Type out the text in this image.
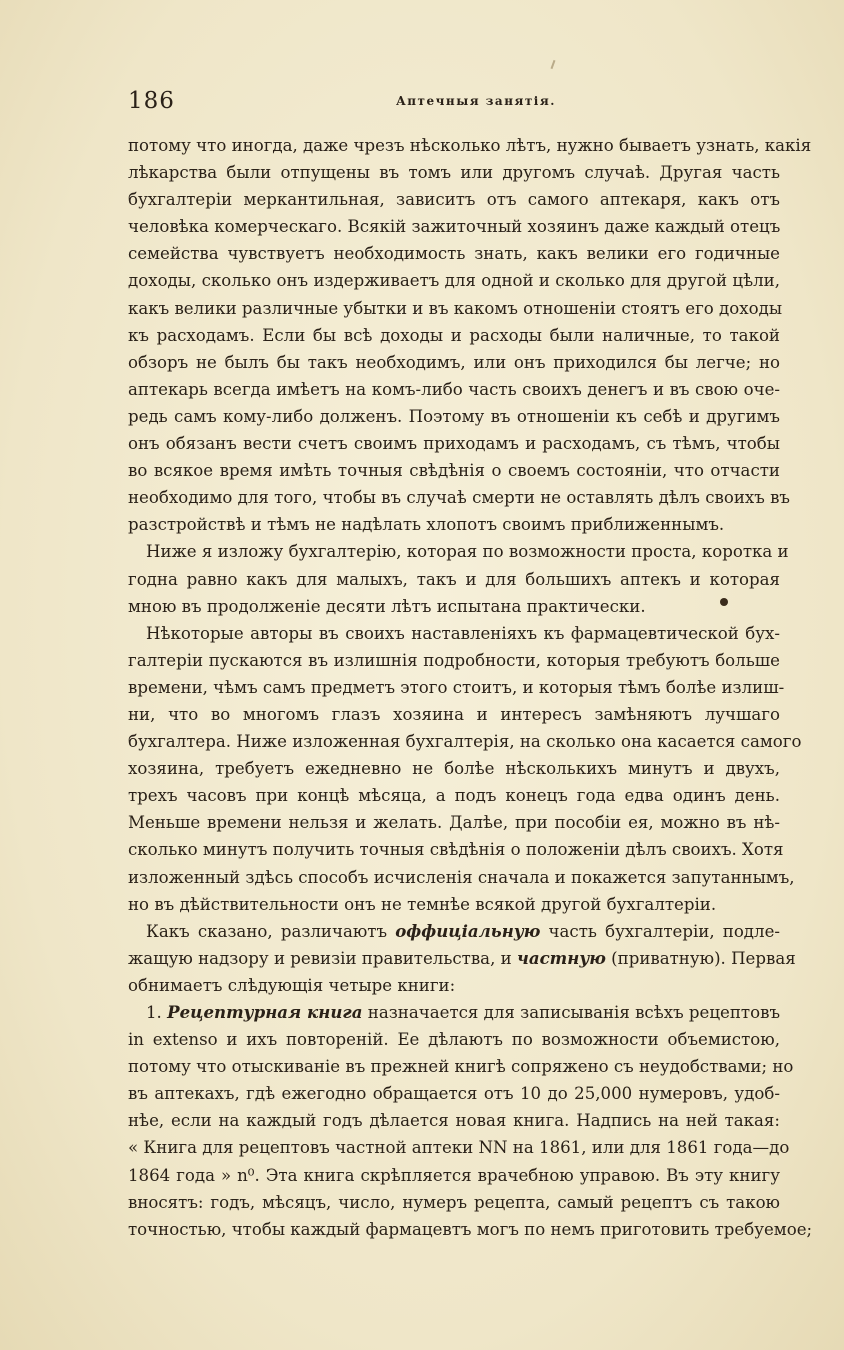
186	Аптечныя занятія.
потому что иногда, даже чрезъ нѣсколько лѣтъ, нужно бываетъ узнать, какія
лѣкарства были отпущены въ томъ или другомъ случаѣ. Другая часть
бухгалтеріи меркантильная, зависитъ отъ самого аптекаря, какъ отъ
человѣка комерческаго. Всякій зажиточный хозяинъ даже каждый отецъ
семейства чувствуетъ необходимость знать, какъ велики его годичные
доходы, сколько онъ издерживаетъ для одной и сколько для другой цѣли,
какъ велики различные убытки и въ какомъ отношеніи стоятъ его доходы
къ расходамъ. Если бы всѣ доходы и расходы были наличные, то такой
обзоръ не былъ бы такъ необходимъ, или онъ приходился бы легче; но
аптекарь всегда имѣетъ на комъ-либо часть своихъ денегъ и въ свою оче-
редь самъ кому-либо долженъ. Поэтому въ отношеніи къ себѣ и другимъ
онъ обязанъ вести счетъ своимъ приходамъ и расходамъ, съ тѣмъ, чтобы
во всякое время имѣть точныя свѣдѣнія о своемъ состояніи, что отчасти
необходимо для того, чтобы въ случаѣ смерти не оставлять дѣлъ своихъ въ
разстройствѣ и тѣмъ не надѣлать хлопотъ своимъ приближеннымъ.
Ниже я изложу бухгалтерію, которая по возможности проста, коротка и
годна равно какъ для малыхъ, такъ и для большихъ аптекъ и которая
мною въ продолженіе десяти лѣтъ испытана практически.
Нѣкоторые авторы въ своихъ наставленіяхъ къ фармацевтической бух-
галтеріи пускаются въ излишнія подробности, которыя требуютъ больше
времени, чѣмъ самъ предметъ этого стоитъ, и которыя тѣмъ болѣе излиш-
ни, что во многомъ глазъ хозяина и интересъ замѣняютъ лучшаго
бухгалтера. Ниже изложенная бухгалтерія, на сколько она касается самого
хозяина, требуетъ ежедневно не болѣе нѣсколькихъ минутъ и двухъ,
трехъ часовъ при концѣ мѣсяца, а подъ конецъ года едва одинъ день.
Меньше времени нельзя и желать. Далѣе, при пособіи ея, можно въ нѣ-
сколько минутъ получить точныя свѣдѣнія о положеніи дѣлъ своихъ. Хотя
изложенный здѣсь способъ исчисленія сначала и покажется запутаннымъ,
но въ дѣйствительности онъ не темнѣе всякой другой бухгалтеріи.
Какъ сказано, различаютъ оффиціальную часть бухгалтеріи, подле-
жащую надзору и ревизіи правительства, и частную (приватную). Первая
обнимаетъ слѣдующія четыре книги:
1. Рецептурная книга назначается для записыванія всѣхъ рецептовъ
in extenso и ихъ повтореній. Ее дѣлаютъ по возможности объемистою,
потому что отыскиваніе въ прежней книгѣ сопряжено съ неудобствами; но
въ аптекахъ, гдѣ ежегодно обращается отъ 10 до 25,000 нумеровъ, удоб-
нѣе, если на каждый годъ дѣлается новая книга. Надпись на ней такая:
« Книга для рецептовъ частной аптеки NN на 1861, или для 1861 года—до
1864 года » n⁰. Эта книга скрѣпляется врачебною управою. Въ эту книгу
вносятъ: годъ, мѣсяцъ, число, нумеръ рецепта, самый рецептъ съ такою
точностью, чтобы каждый фармацевтъ могъ по немъ приготовить требуемое;
